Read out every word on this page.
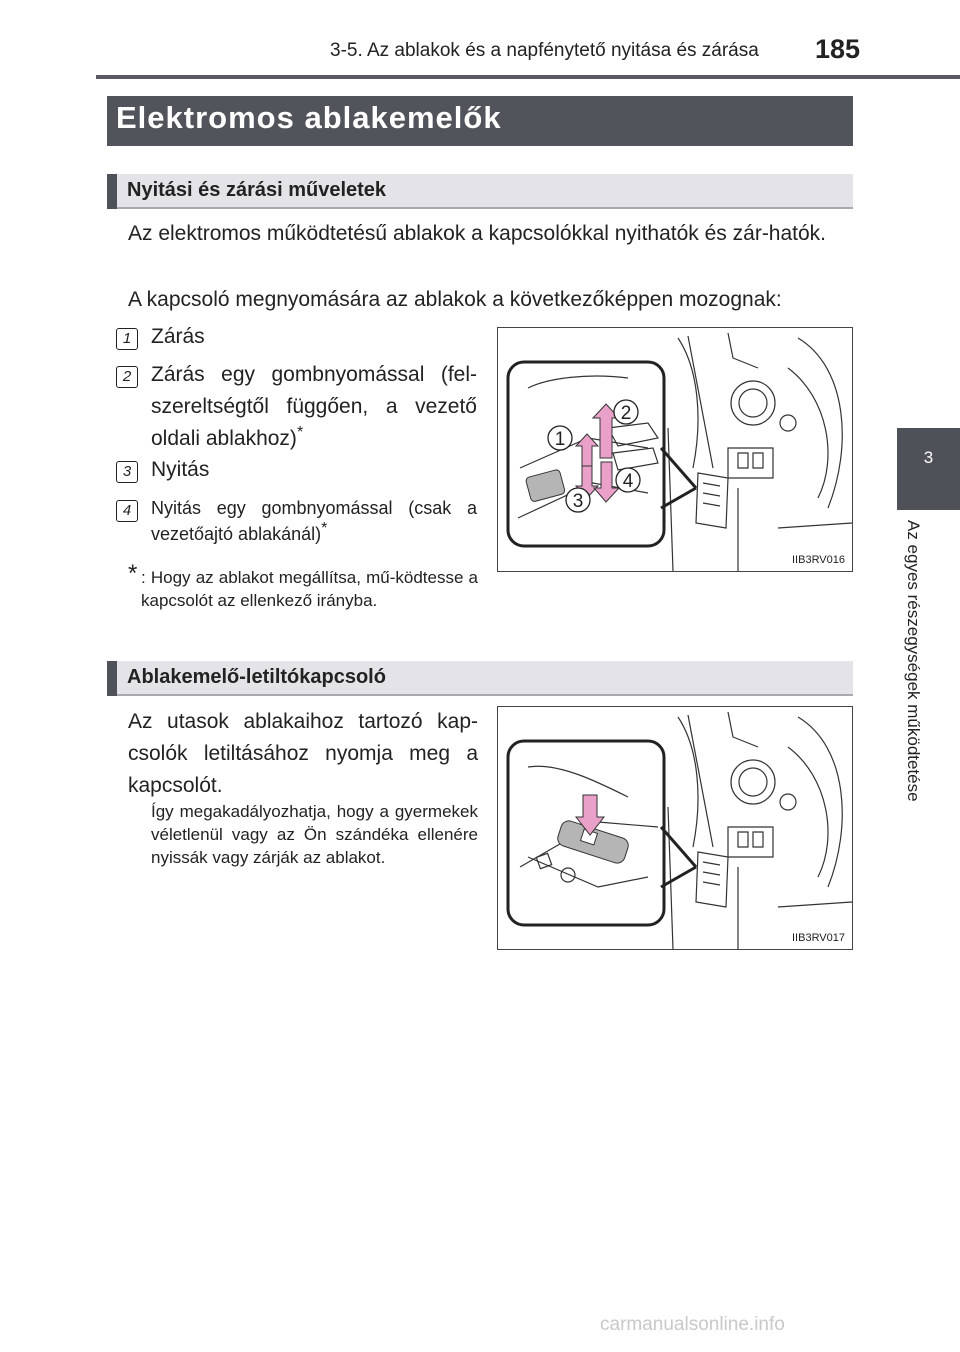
3-5. Az ablakok és a napfénytető nyitása és zárása 185
3
Az egyes részegységek működtetése
Elektromos ablakemelők
Nyitási és zárási műveletek
Az elektromos működtetésű ablakok a kapcsolókkal nyithatók és zár-hatók.
A kapcsoló megnyomására az ablakok a következőképpen mozognak:
1 Zárás
2 Zárás egy gombnyomással (fel-szereltségtől függően, a vezető oldali ablakhoz)*
3 Nyitás
4	Nyitás egy gombnyomással (csak a vezetőajtó ablakánál)*
* : Hogy az ablakot megállítsa, mű-ködtesse a kapcsolót az ellenkező irányba.
1
2
3
4
IIB3RV016
Ablakemelő-letiltókapcsoló
Az utasok ablakaihoz tartozó kap-csolók letiltásához nyomja meg a kapcsolót.
Így megakadályozhatja, hogy a gyermekek véletlenül vagy az Ön szándéka ellenére nyissák vagy zárják az ablakot.
IIB3RV017
carmanualsonline.info
